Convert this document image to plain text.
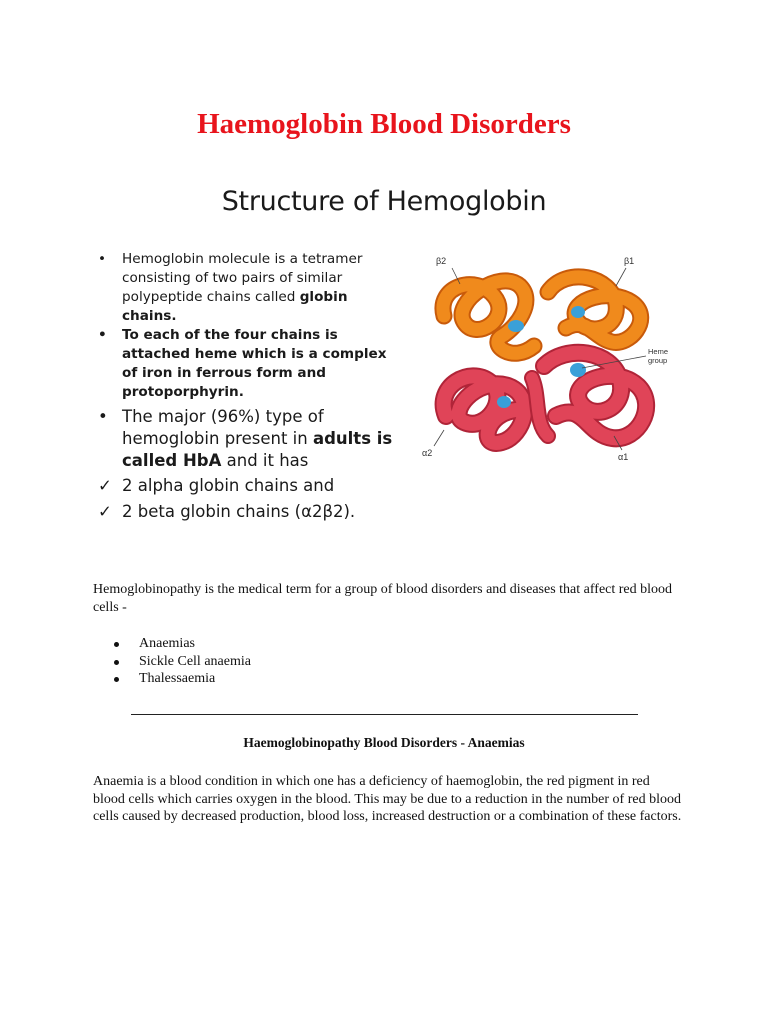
Haemoglobin Blood Disorders
Structure of Hemoglobin
• Hemoglobin molecule is a tetramer consisting of two pairs of similar polypeptide chains called globin chains.
• To each of the four chains is attached heme which is a complex of iron in ferrous form and protoporphyrin.
• The major (96%) type of hemoglobin present in adults is called HbA and it has
✓ 2 alpha globin chains and
✓ 2 beta globin chains (α2β2).
β2	β1
Heme
group
α2	α1

Hemoglobinopathy is the medical term for a group of blood disorders and diseases that affect red blood cells -

Anaemias
Sickle Cell anaemia
Thalessaemia
Haemoglobinopathy Blood Disorders - Anaemias

Anaemia is a blood condition in which one has a deficiency of haemoglobin, the red pigment in red blood cells which carries oxygen in the blood. This may be due to a reduction in the number of red blood cells caused by decreased production, blood loss, increased destruction or a combination of these factors.
